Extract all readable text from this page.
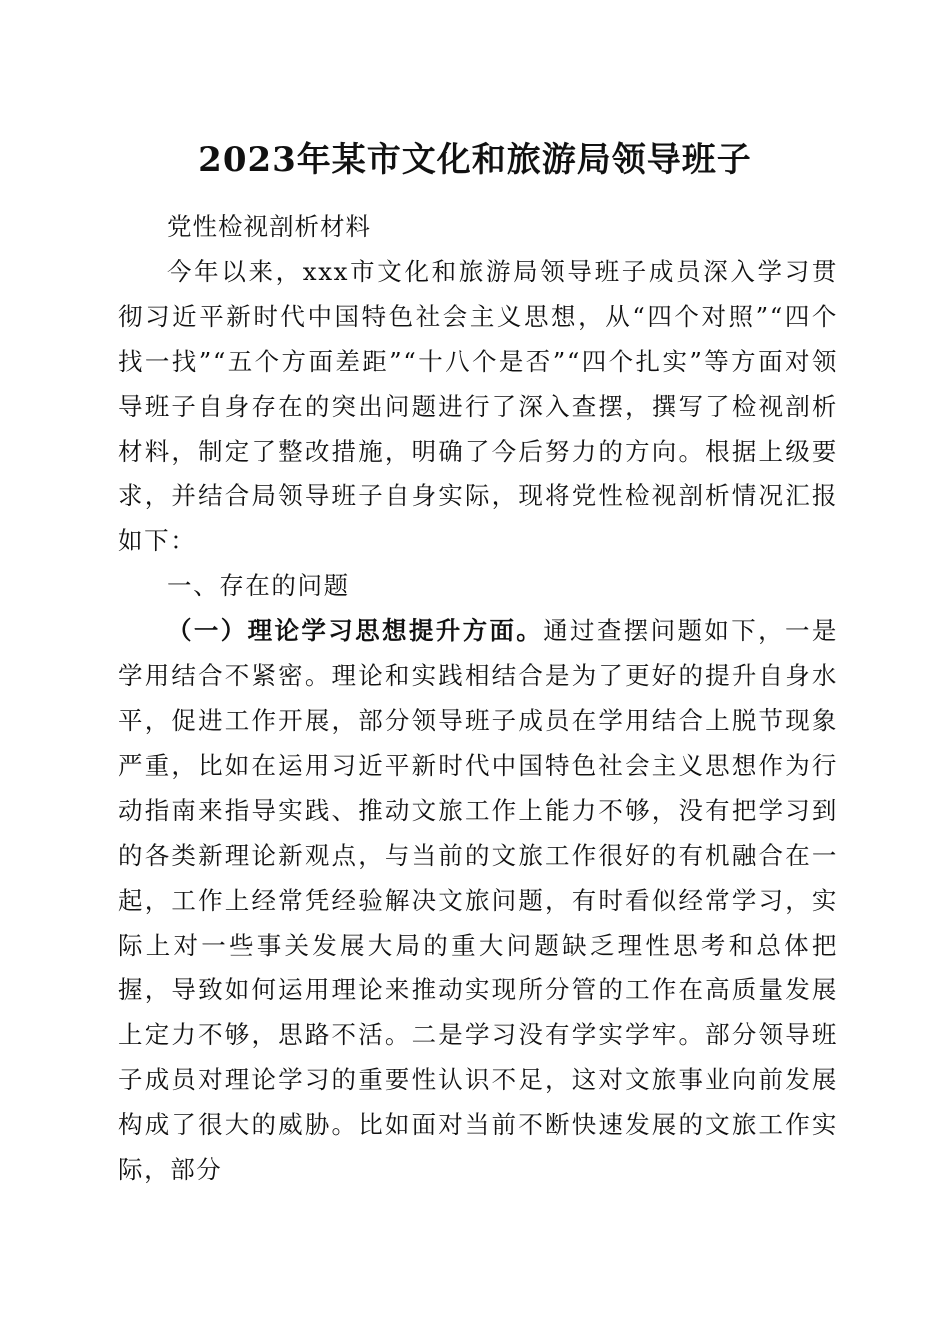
2023年某市文化和旅游局领导班子

党性检视剖析材料

今年以来，xxx市文化和旅游局领导班子成员深入学习贯彻习近平新时代中国特色社会主义思想，从“四个对照”“四个找一找”“五个方面差距”“十八个是否”“四个扎实”等方面对领导班子自身存在的突出问题进行了深入查摆，撰写了检视剖析材料，制定了整改措施，明确了今后努力的方向。根据上级要求，并结合局领导班子自身实际，现将党性检视剖析情况汇报如下：

一、存在的问题

（一）理论学习思想提升方面。通过查摆问题如下，一是学用结合不紧密。理论和实践相结合是为了更好的提升自身水平，促进工作开展，部分领导班子成员在学用结合上脱节现象严重，比如在运用习近平新时代中国特色社会主义思想作为行动指南来指导实践、推动文旅工作上能力不够，没有把学习到的各类新理论新观点，与当前的文旅工作很好的有机融合在一起，工作上经常凭经验解决文旅问题，有时看似经常学习，实际上对一些事关发展大局的重大问题缺乏理性思考和总体把握，导致如何运用理论来推动实现所分管的工作在高质量发展上定力不够，思路不活。二是学习没有学实学牢。部分领导班子成员对理论学习的重要性认识不足，这对文旅事业向前发展构成了很大的威胁。比如面对当前不断快速发展的文旅工作实际，部分
